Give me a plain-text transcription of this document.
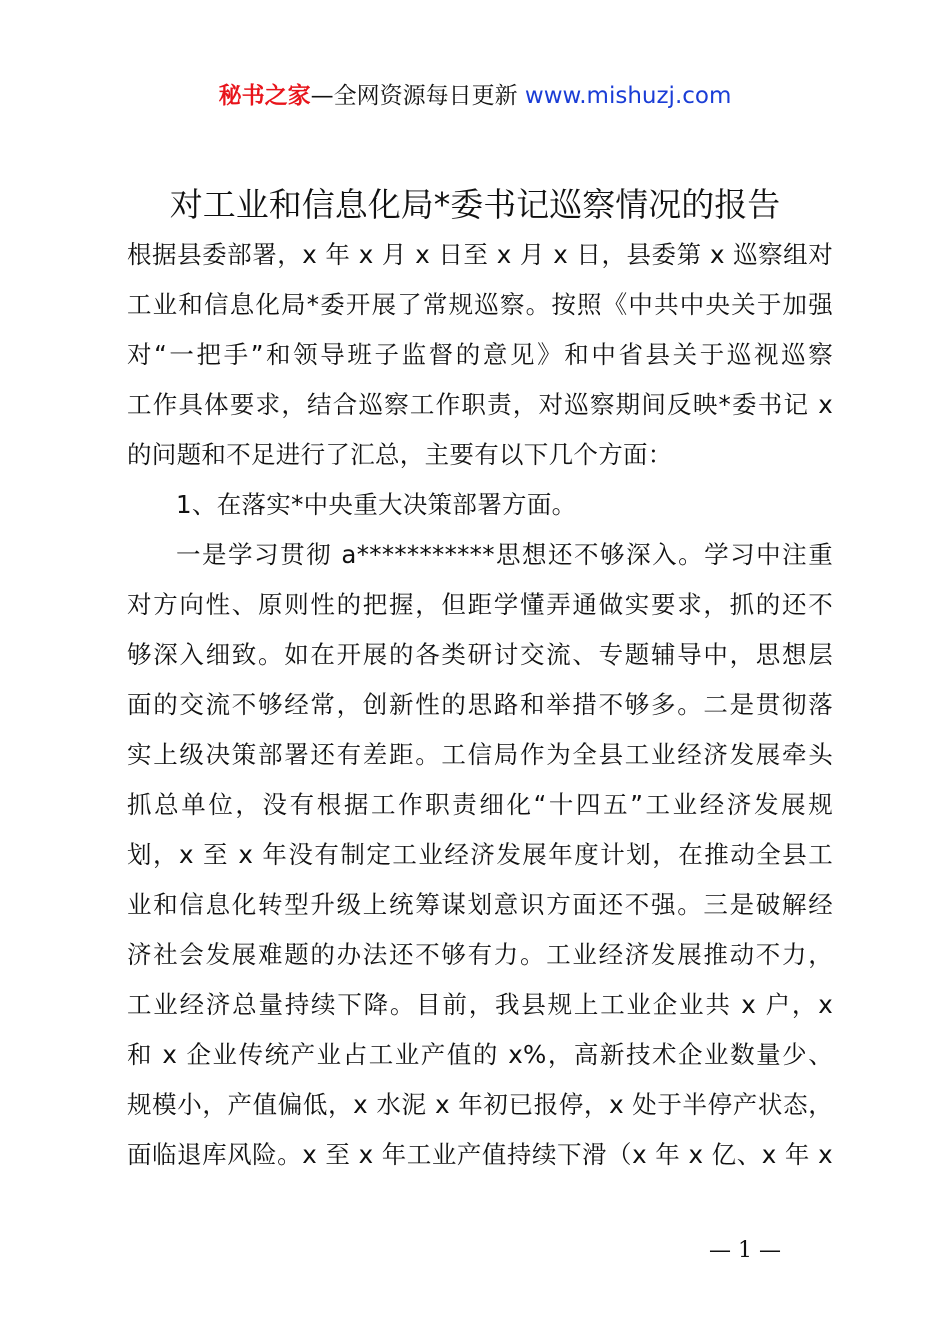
秘书之家—全网资源每日更新 www.mishuzj.com
对工业和信息化局*委书记巡察情况的报告
根据县委部署，x 年 x 月 x 日至 x 月 x 日，县委第 x 巡察组对
工业和信息化局*委开展了常规巡察。按照《中共中央关于加强
对“一把手”和领导班子监督的意见》和中省县关于巡视巡察
工作具体要求，结合巡察工作职责，对巡察期间反映*委书记 x
的问题和不足进行了汇总，主要有以下几个方面：
1、在落实*中央重大决策部署方面。
一是学习贯彻 a***********思想还不够深入。学习中注重
对方向性、原则性的把握，但距学懂弄通做实要求，抓的还不
够深入细致。如在开展的各类研讨交流、专题辅导中，思想层
面的交流不够经常，创新性的思路和举措不够多。二是贯彻落
实上级决策部署还有差距。工信局作为全县工业经济发展牵头
抓总单位，没有根据工作职责细化“十四五”工业经济发展规
划，x 至 x 年没有制定工业经济发展年度计划，在推动全县工
业和信息化转型升级上统筹谋划意识方面还不强。三是破解经
济社会发展难题的办法还不够有力。工业经济发展推动不力，
工业经济总量持续下降。目前，我县规上工业企业共 x 户，x
和 x 企业传统产业占工业产值的 x%，高新技术企业数量少、
规模小，产值偏低，x 水泥 x 年初已报停，x 处于半停产状态，
面临退库风险。x 至 x 年工业产值持续下滑（x 年 x 亿、x 年 x
— 1 —
